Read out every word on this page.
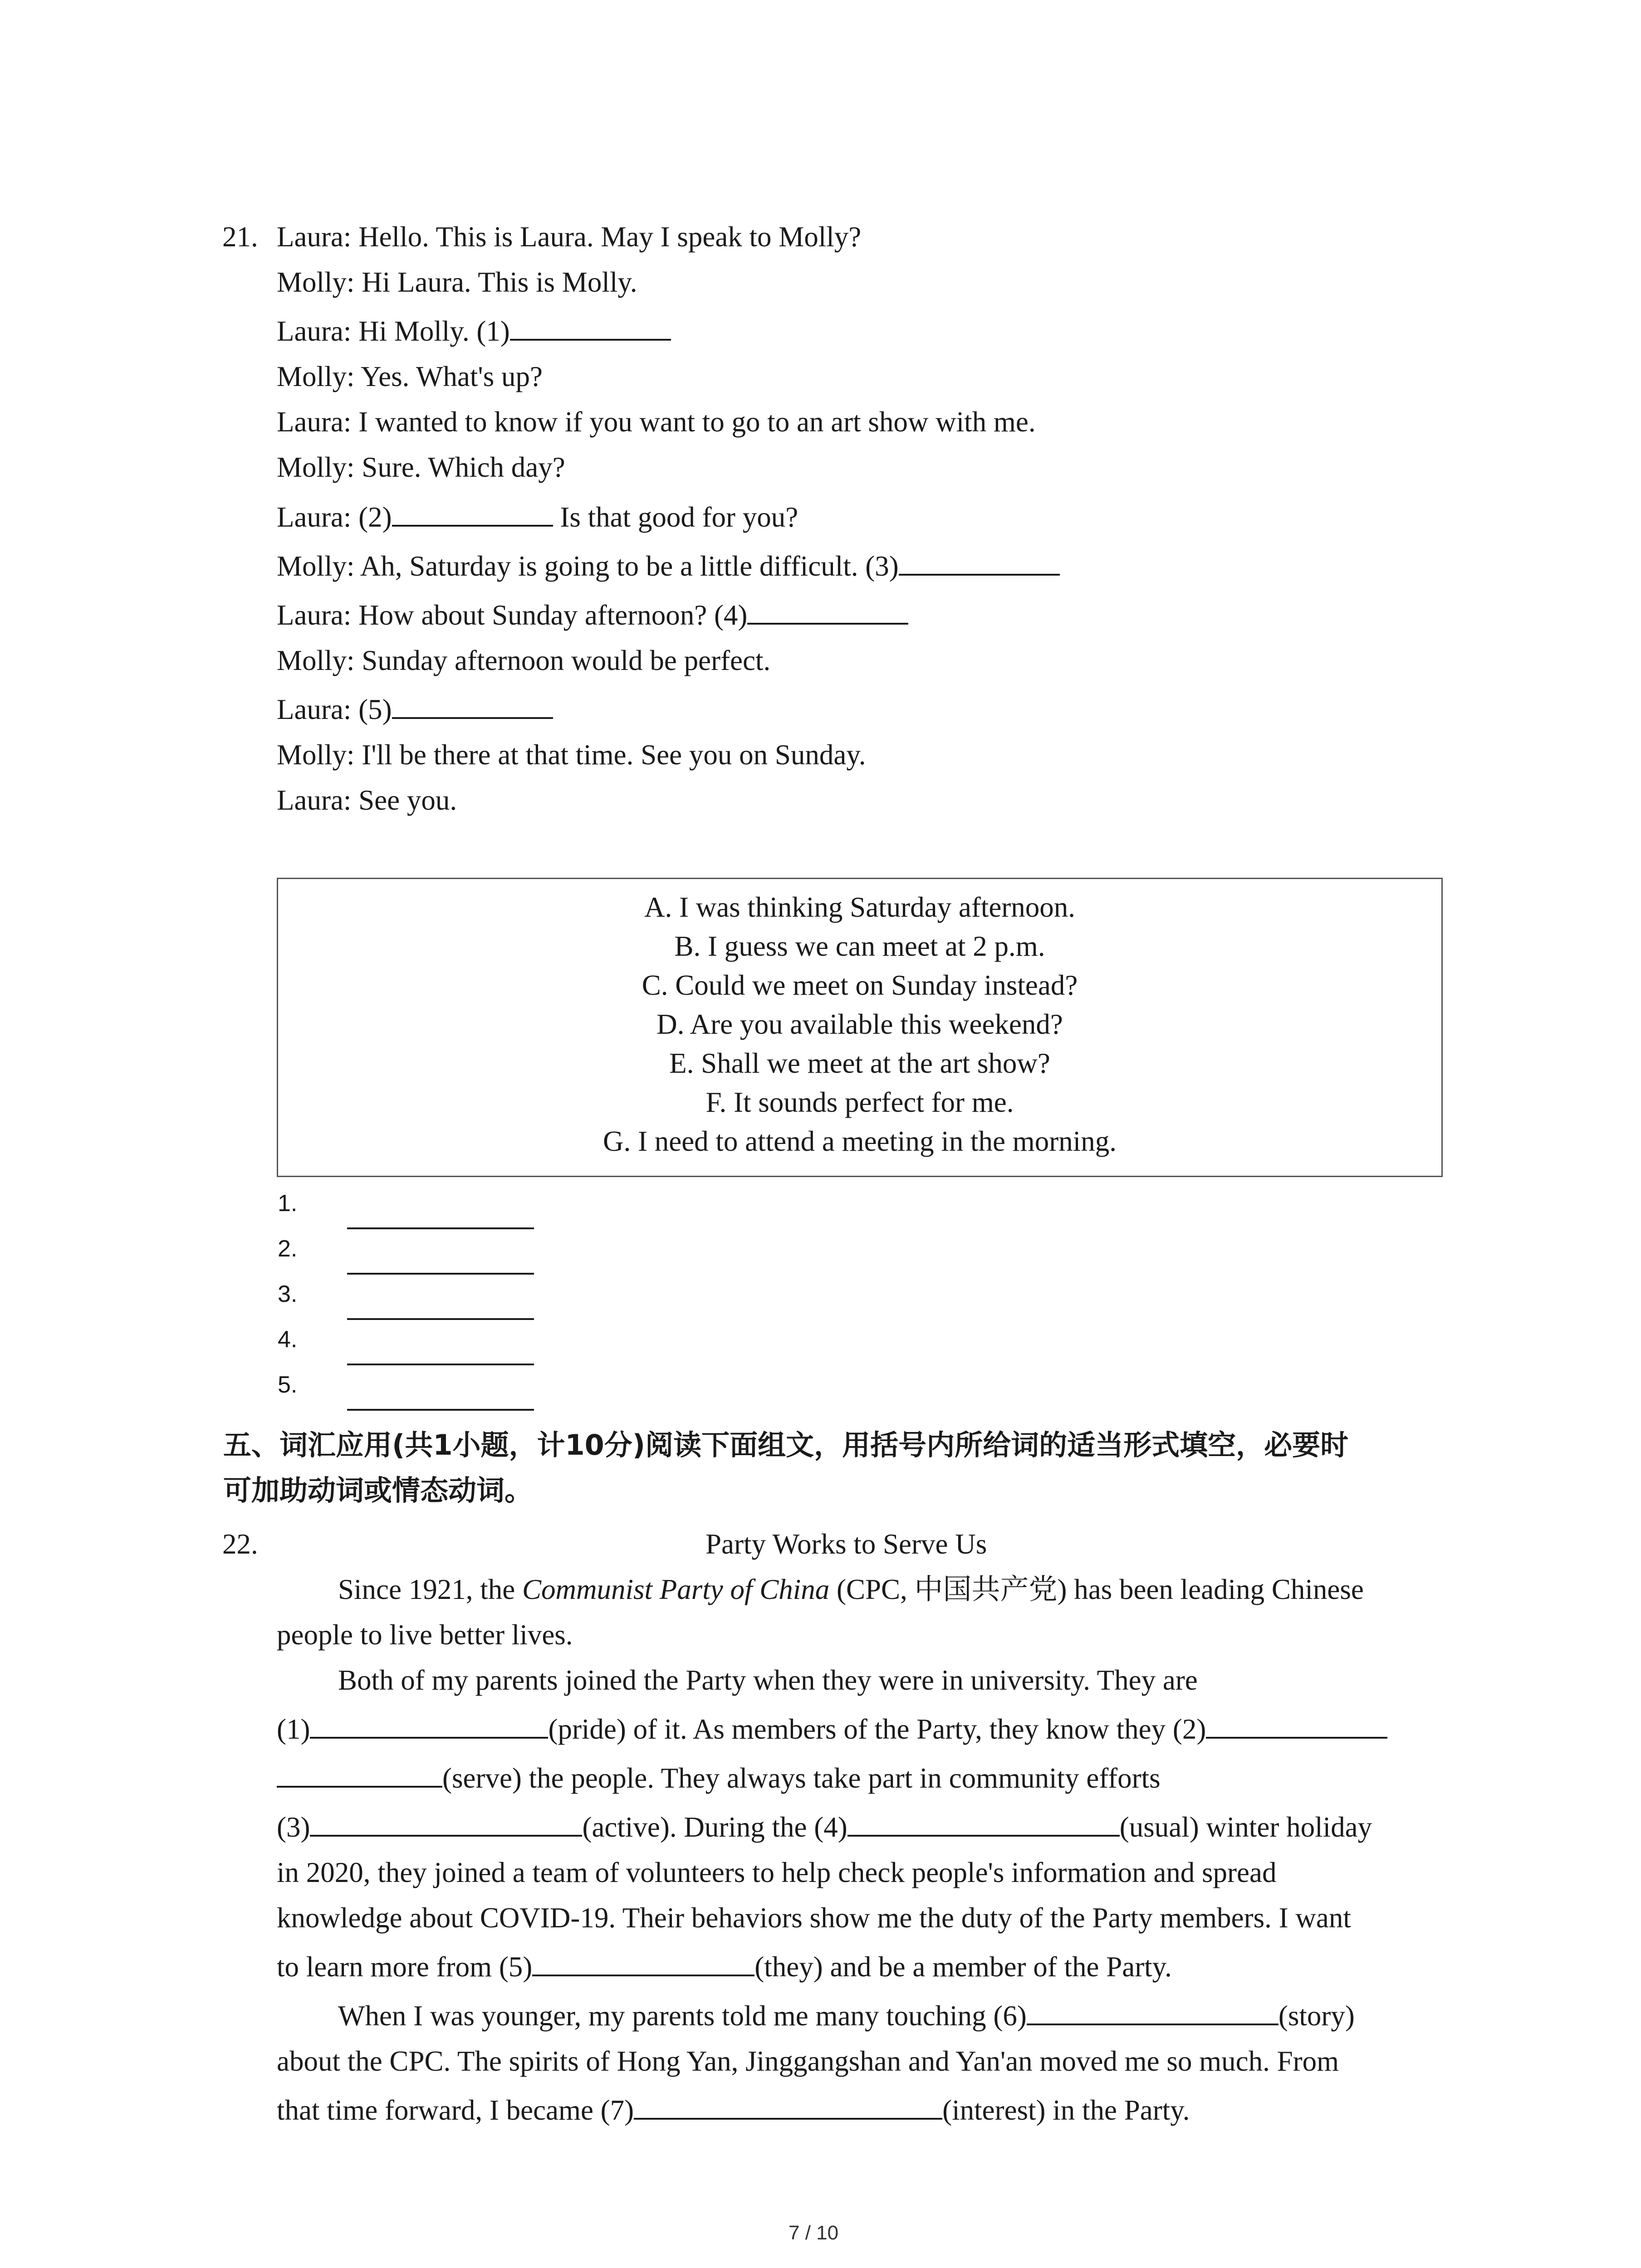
21. Laura: Hello. This is Laura. May I speak to Molly?
Molly: Hi Laura. This is Molly.
Laura: Hi Molly. (1)
Molly: Yes. What's up?
Laura: I wanted to know if you want to go to an art show with me.
Molly: Sure. Which day?
Laura: (2)	Is that good for you?
Molly: Ah, Saturday is going to be a little difficult. (3)
Laura: How about Sunday afternoon? (4)
Molly: Sunday afternoon would be perfect.
Laura: (5)
Molly: I'll be there at that time. See you on Sunday.
Laura: See you.
A. I was thinking Saturday afternoon.
B. I guess we can meet at 2 p.m.
C. Could we meet on Sunday instead?
D. Are you available this weekend?
E. Shall we meet at the art show?
F. It sounds perfect for me.
G. I need to attend a meeting in the morning.
1.
2.
3.
4.
5.
五、词汇应用(共1小题，计10分)阅读下面组文，用括号内所给词的适当形式填空，必要时
可加助动词或情态动词。
22.	Party Works to Serve Us
Since 1921, the Communist Party of China (CPC, 中国共产党) has been leading Chinese
people to live better lives.
Both of my parents joined the Party when they were in university. They are
(1)	(pride) of it. As members of the Party, they know they (2)
(serve) the people. They always take part in community efforts
(3)	(active). During the (4)	(usual) winter holiday
in 2020, they joined a team of volunteers to help check people's information and spread
knowledge about COVID-19. Their behaviors show me the duty of the Party members. I want
to learn more from (5)	(they) and be a member of the Party.
When I was younger, my parents told me many touching (6)	(story)
about the CPC. The spirits of Hong Yan, Jinggangshan and Yan'an moved me so much. From
that time forward, I became (7)	(interest) in the Party.
7 / 10
